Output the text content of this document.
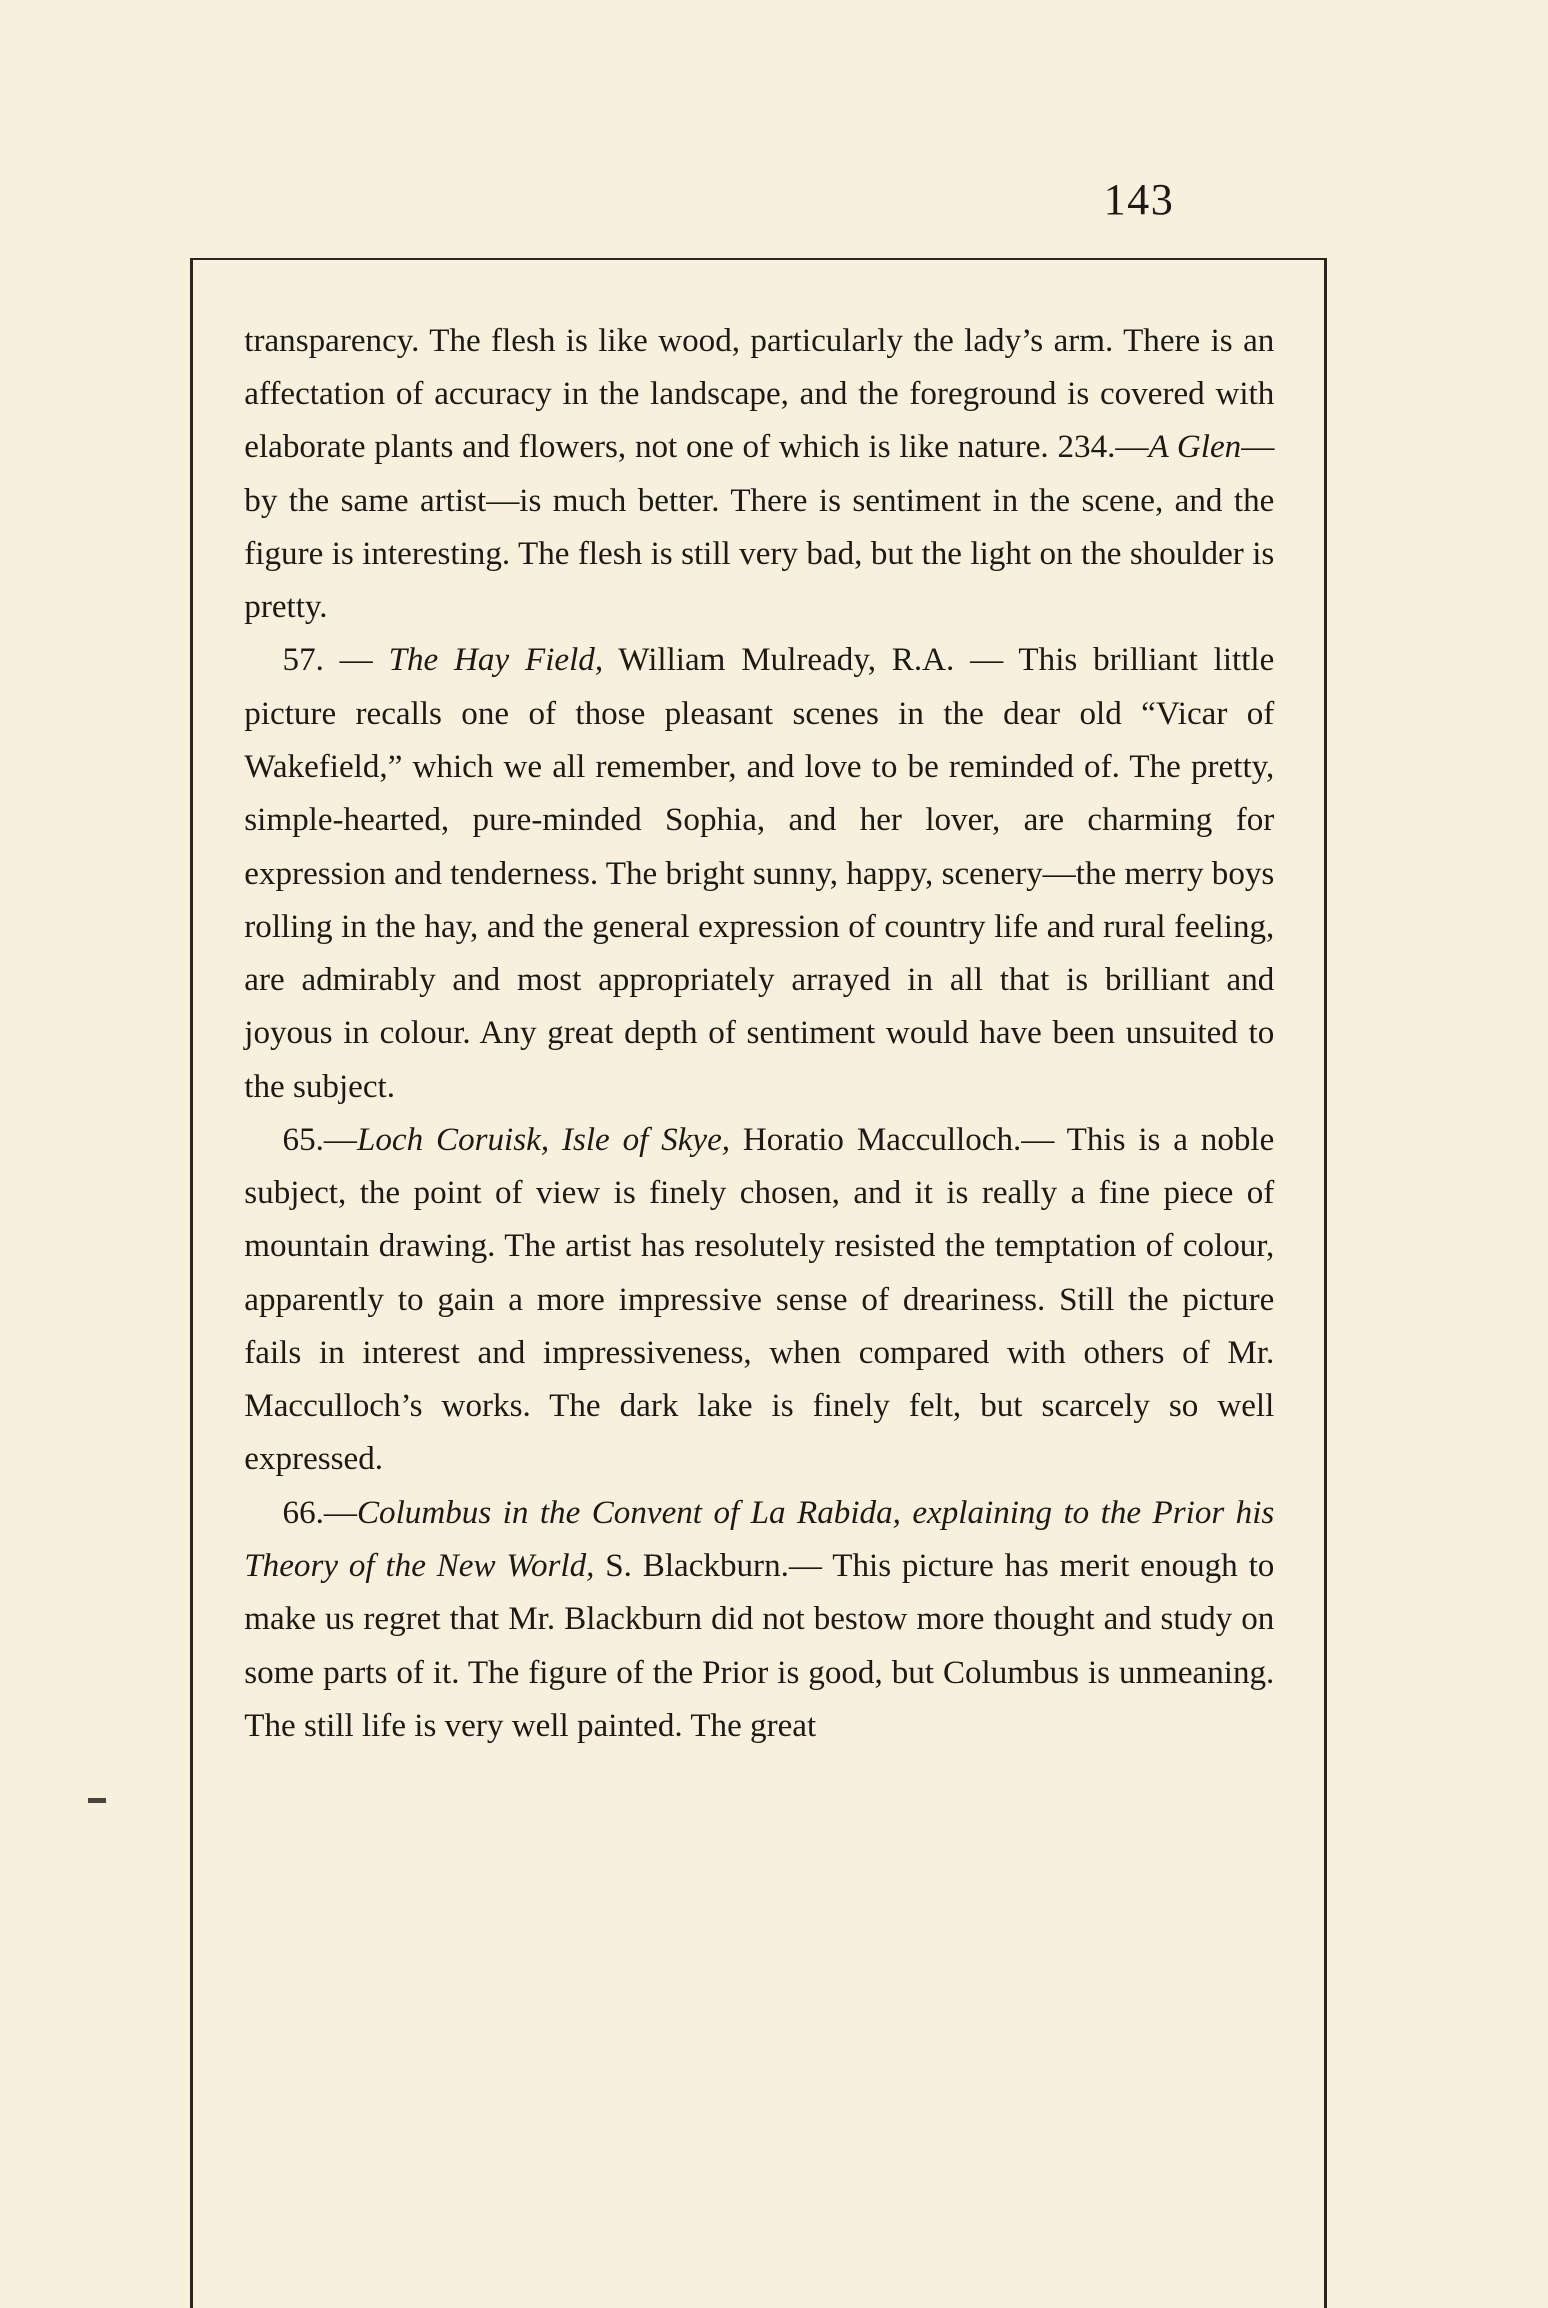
143

transparency. The flesh is like wood, particularly the lady’s arm. There is an affectation of accuracy in the landscape, and the foreground is covered with elaborate plants and flowers, not one of which is like nature. 234.—A Glen—by the same artist—is much better. There is sentiment in the scene, and the figure is interesting. The flesh is still very bad, but the light on the shoulder is pretty.

57. — The Hay Field, William Mulready, R.A. — This brilliant little picture recalls one of those pleasant scenes in the dear old “Vicar of Wakefield,” which we all remember, and love to be reminded of. The pretty, simple-hearted, pure-minded Sophia, and her lover, are charming for expression and tenderness. The bright sunny, happy, scenery—the merry boys rolling in the hay, and the general expression of country life and rural feeling, are admirably and most appropriately arrayed in all that is brilliant and joyous in colour. Any great depth of sentiment would have been unsuited to the subject.

65.—Loch Coruisk, Isle of Skye, Horatio Macculloch.— This is a noble subject, the point of view is finely chosen, and it is really a fine piece of mountain drawing. The artist has resolutely resisted the temptation of colour, apparently to gain a more impressive sense of dreariness. Still the picture fails in interest and impressiveness, when compared with others of Mr. Macculloch’s works. The dark lake is finely felt, but scarcely so well expressed.

66.—Columbus in the Convent of La Rabida, explaining to the Prior his Theory of the New World, S. Blackburn.— This picture has merit enough to make us regret that Mr. Blackburn did not bestow more thought and study on some parts of it. The figure of the Prior is good, but Columbus is unmeaning. The still life is very well painted. The great
